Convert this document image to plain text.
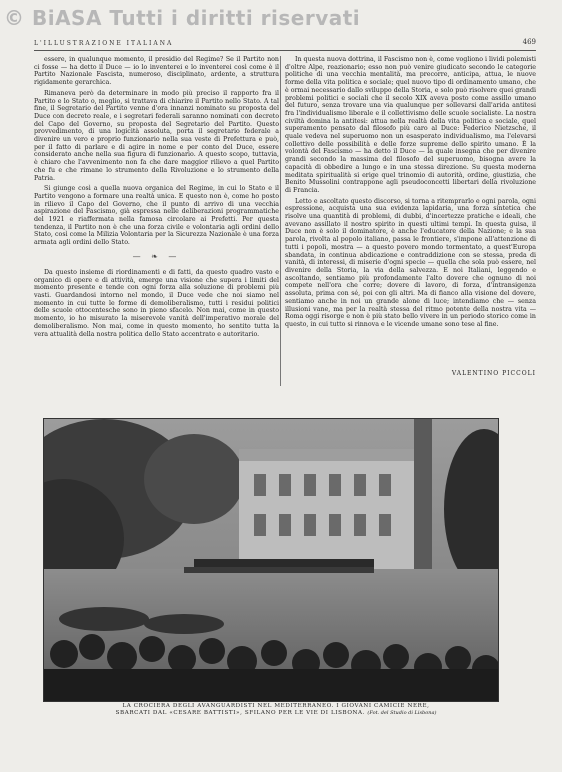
© BiASA Tutti i diritti riservati
L'ILLUSTRAZIONE ITALIANA	469

essere, in qualunque momento, il presidio del Regime? Se il Partito non ci fosse — ha detto il Duce — io lo inventerei e lo inventerei così come è il Partito Nazionale Fascista, numeroso, disciplinato, ardente, a struttura rigidamente gerarchica.

Rimaneva però da determinare in modo più preciso il rapporto fra il Partito e lo Stato o, meglio, si trattava di chiarire il Partito nello Stato. A tal fine, il Segretario del Partito venne d'ora innanzi nominato su proposta del Duce con decreto reale, e i segretari federali saranno nominati con decreto del Capo del Governo, su proposta del Segretario del Partito. Questo provvedimento, di una logicità assoluta, porta il segretario federale a divenire un vero e proprio funzionario nella sua veste di Prefettura e può, per il fatto di parlare e di agire in nome e per conto del Duce, essere considerato anche nella sua figura di funzionario. A questo scopo, tuttavia, è chiaro che l'avvenimento non fa che dare maggior rilievo a quel Partito che fu e che rimane lo strumento della Rivoluzione e lo strumento della Patria.

Si giunge così a quella nuova organica del Regime, in cui lo Stato e il Partito vengono a formare una realtà unica. E questo non è, come ho posto in rilievo il Capo del Governo, che il punto di arrivo di una vecchia aspirazione del Fascismo, già espressa nelle deliberazioni programmatiche del 1921 e riaffermata nella famosa circolare ai Prefetti. Per questa tendenza, il Partito non è che una forza civile e volontaria agli ordini dello Stato, così come la Milizia Volontaria per la Sicurezza Nazionale è una forza armata agli ordini dello Stato.

— ❧ —

Da questo insieme di riordinamenti e di fatti, da questo quadro vasto e organico di opere e di attività, emerge una visione che supera i limiti del momento presente e tende con ogni forza alla soluzione di problemi più vasti. Guardandosi intorno nel mondo, il Duce vede che noi siamo nel momento in cui tutte le forme di demoliberalismo, tutti i residui politici delle scuole ottocentesche sono in pieno sfacelo. Non mai, come in questo momento, io ho misurato la miserevole vanità dell'imperativo morale del demoliberalismo. Non mai, come in questo momento, ho sentito tutta la vera attualità della nostra politica dello Stato accentrato e autoritario.

In questa nuova dottrina, il Fascismo non è, come vogliono i lividi polemisti d'oltre Alpe, reazionario; esso non può venire giudicato secondo le categorie politiche di una vecchia mentalità, ma precorre, anticipa, attua, le nuove forme della vita politica e sociale; quel nuovo tipo di ordinamento umano, che è ormai necessario dallo sviluppo della Storia, e solo può risolvere quei grandi problemi politici e sociali che il secolo XIX aveva posto come assillo umano del futuro, senza trovare una via qualunque per sollevarsi dall'arida antitesi fra l'individualismo liberale e il collettivismo delle scuole socialiste. La nostra civiltà domina la antitesi: attua nella realtà della vita politica e sociale, quel superamento pensato dal filosofo più caro al Duce: Federico Nietzsche, il quale vedeva nel superuomo non un esasperato individualismo, ma l'elevarsi collettivo delle possibilità e delle forze supreme dello spirito umano. È la volontà del Fascismo — ha detto il Duce — la quale insegna che per divenire grandi secondo la massima del filosofo del superuomo, bisogna avere la capacità di obbedire a lungo e in una stessa direzione. Su questa moderna meditata spiritualità si erige quel trinomio di autorità, ordine, giustizia, che Benito Mussolini contrappone agli pseudoconcetti libertari della rivoluzione di Francia.

Letto e ascoltato questo discorso, si torna a ritemprarlo e ogni parola, ogni espressione, acquista una sua evidenza lapidaria, una forza sintetica che risolve una quantità di problemi, di dubbi, d'incertezze pratiche e ideali, che avevano assillato il nostro spirito in questi ultimi tempi. In questa guisa, il Duce non è solo il dominatore, è anche l'educatore della Nazione; e la sua parola, rivolta al popolo italiano, passa le frontiere, s'impone all'attenzione di tutti i popoli, mostra — a questo povero mondo tormentato, a quest'Europa sbandata, in continua abdicazione e contraddizione con se stessa, preda di vanità, di interessi, di miserie d'ogni specie — quella che sola può essere, nel divenire della Storia, la via della salvezza. E noi Italiani, leggendo e ascoltando, sentiamo più profondamente l'alto dovere che ognuno di noi compete nell'ora che corre; dovere di lavoro, di forza, d'intransigenza assoluta, prima con sé, poi con gli altri. Ma di fianco alla visione del dovere, sentiamo anche in noi un grande alone di luce; intendiamo che — senza illusioni vane, ma per la realtà stessa del ritmo potente della nostra vita — Roma oggi risorge e non è più stato bello vivere in un periodo storico come in questo, in cui tutto si rinnova e le vicende umane sono tese al fine.

VALENTINO PICCOLI
LA CROCIERA DEGLI AVANGUARDISTI NEL MEDITERRANEO. I GIOVANI CAMICIE NERE,
SBARCATI DAL «CESARE BATTISTI», SFILANO PER LE VIE DI LISBONA. (Fot. del Studio di Lisbona)
